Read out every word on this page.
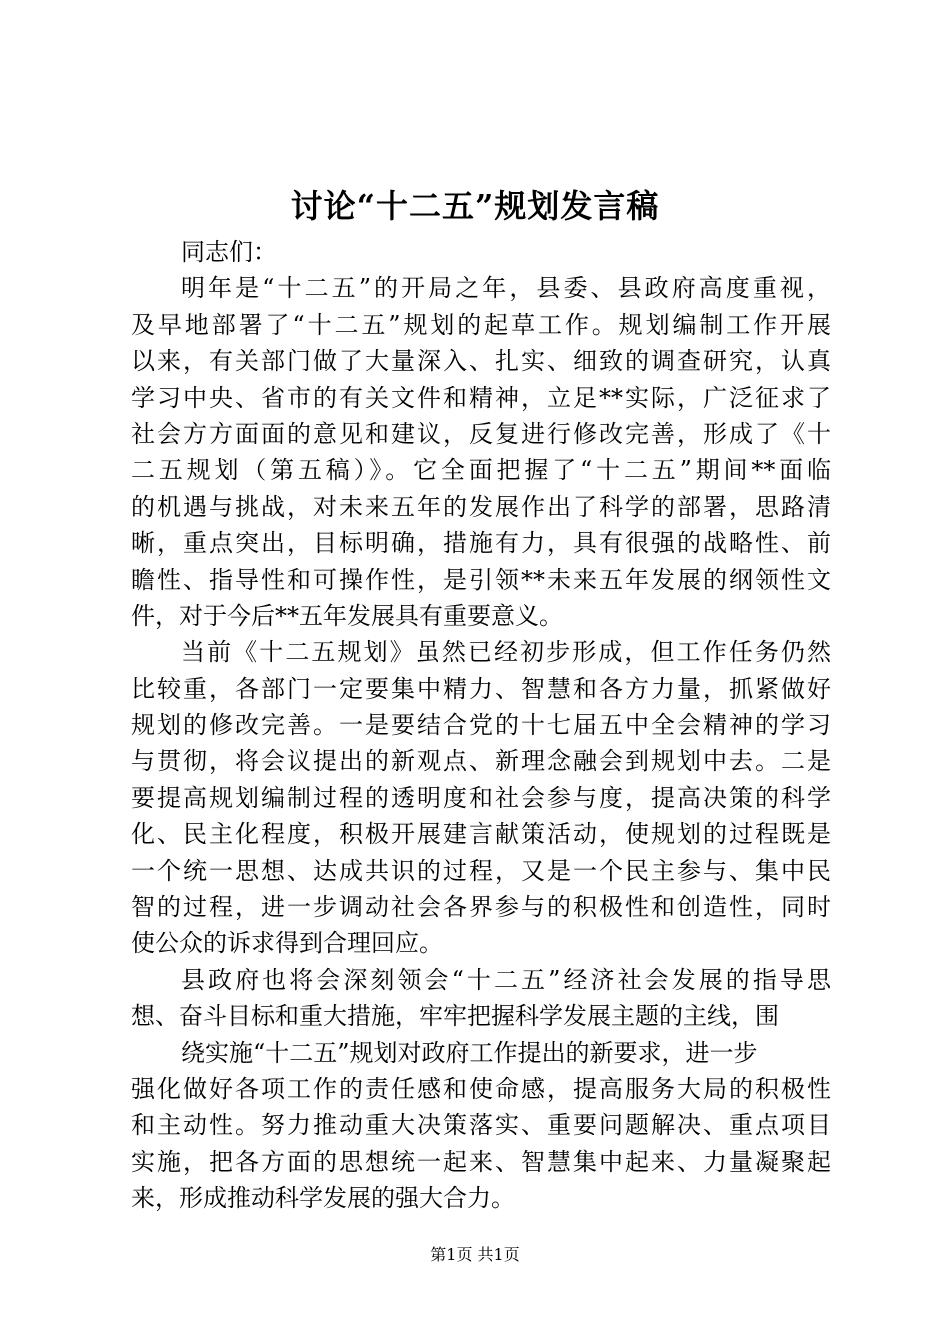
讨论“十二五”规划发言稿
同志们：
明年是“十二五”的开局之年，县委、县政府高度重视，
及早地部署了“十二五”规划的起草工作。规划编制工作开展
以来，有关部门做了大量深入、扎实、细致的调查研究，认真
学习中央、省市的有关文件和精神，立足**实际，广泛征求了
社会方方面面的意见和建议，反复进行修改完善，形成了《十
二五规划（第五稿）》。它全面把握了“十二五”期间**面临
的机遇与挑战，对未来五年的发展作出了科学的部署，思路清
晰，重点突出，目标明确，措施有力，具有很强的战略性、前
瞻性、指导性和可操作性，是引领**未来五年发展的纲领性文
件，对于今后**五年发展具有重要意义。
当前《十二五规划》虽然已经初步形成，但工作任务仍然
比较重，各部门一定要集中精力、智慧和各方力量，抓紧做好
规划的修改完善。一是要结合党的十七届五中全会精神的学习
与贯彻，将会议提出的新观点、新理念融会到规划中去。二是
要提高规划编制过程的透明度和社会参与度，提高决策的科学
化、民主化程度，积极开展建言献策活动，使规划的过程既是
一个统一思想、达成共识的过程，又是一个民主参与、集中民
智的过程，进一步调动社会各界参与的积极性和创造性，同时
使公众的诉求得到合理回应。
县政府也将会深刻领会“十二五”经济社会发展的指导思
想、奋斗目标和重大措施，牢牢把握科学发展主题的主线，围
绕实施“十二五”规划对政府工作提出的新要求，进一步
强化做好各项工作的责任感和使命感，提高服务大局的积极性
和主动性。努力推动重大决策落实、重要问题解决、重点项目
实施，把各方面的思想统一起来、智慧集中起来、力量凝聚起
来，形成推动科学发展的强大合力。
第1页 共1页
